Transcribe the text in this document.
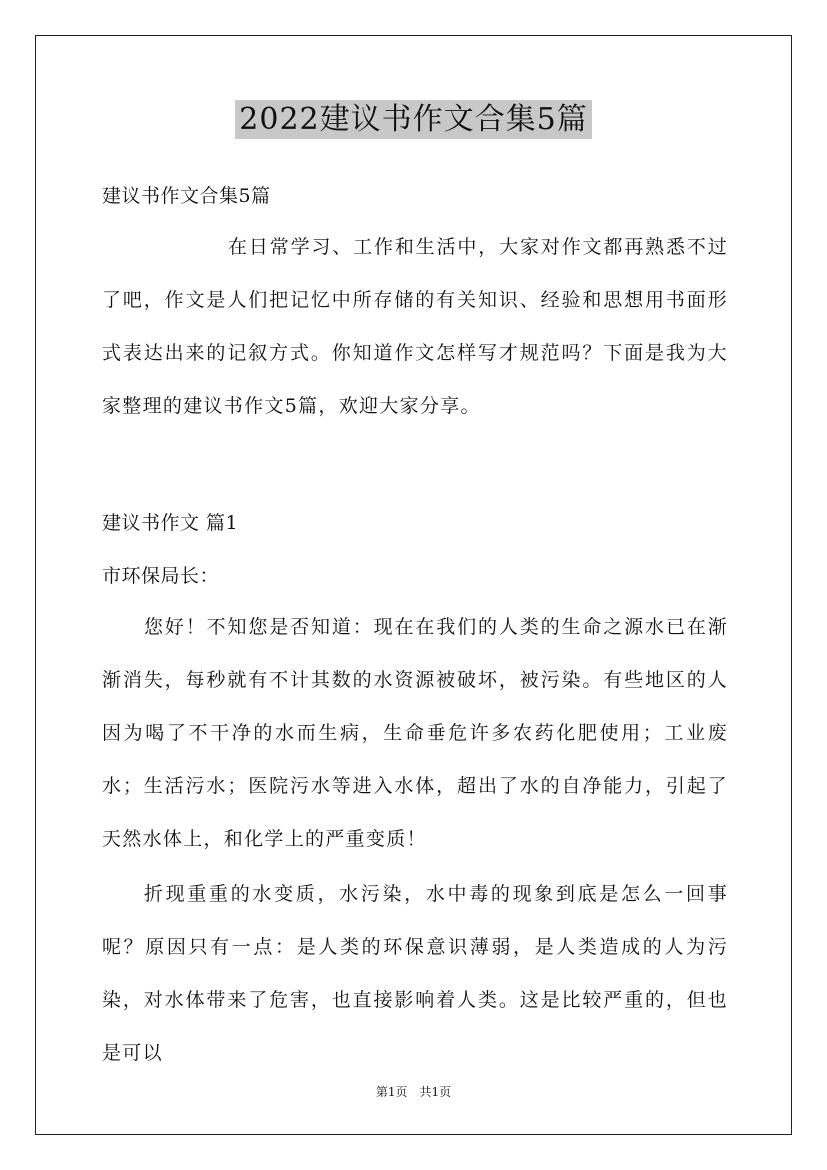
2022建议书作文合集5篇
建议书作文合集5篇
在日常学习、工作和生活中，大家对作文都再熟悉不过了吧，作文是人们把记忆中所存储的有关知识、经验和思想用书面形式表达出来的记叙方式。你知道作文怎样写才规范吗？下面是我为大家整理的建议书作文5篇，欢迎大家分享。
建议书作文 篇1
市环保局长：
您好！不知您是否知道：现在在我们的人类的生命之源水已在渐渐消失，每秒就有不计其数的水资源被破坏，被污染。有些地区的人因为喝了不干净的水而生病，生命垂危许多农药化肥使用；工业废水；生活污水；医院污水等进入水体，超出了水的自净能力，引起了天然水体上，和化学上的严重变质！
折现重重的水变质，水污染，水中毒的现象到底是怎么一回事呢？原因只有一点：是人类的环保意识薄弱，是人类造成的人为污染，对水体带来了危害，也直接影响着人类。这是比较严重的，但也是可以
第1页　共1页
